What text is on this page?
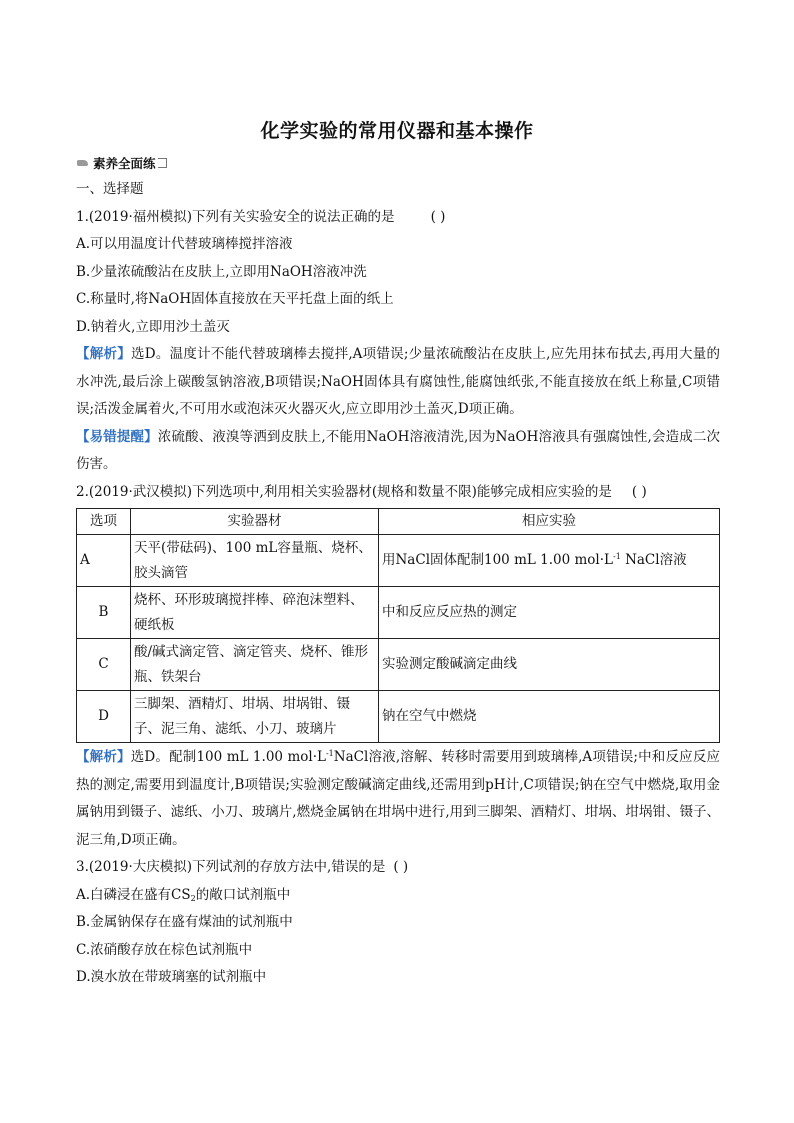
化学实验的常用仪器和基本操作
素养全面练
一、选择题
1.(2019·福州模拟)下列有关实验安全的说法正确的是	( )
A.可以用温度计代替玻璃棒搅拌溶液
B.少量浓硫酸沾在皮肤上,立即用NaOH溶液冲洗
C.称量时,将NaOH固体直接放在天平托盘上面的纸上
D.钠着火,立即用沙土盖灭
【解析】选D。温度计不能代替玻璃棒去搅拌,A项错误;少量浓硫酸沾在皮肤上,应先用抹布拭去,再用大量的水冲洗,最后涂上碳酸氢钠溶液,B项错误;NaOH固体具有腐蚀性,能腐蚀纸张,不能直接放在纸上称量,C项错误;活泼金属着火,不可用水或泡沫灭火器灭火,应立即用沙土盖灭,D项正确。
【易错提醒】浓硫酸、液溴等洒到皮肤上,不能用NaOH溶液清洗,因为NaOH溶液具有强腐蚀性,会造成二次伤害。
2.(2019·武汉模拟)下列选项中,利用相关实验器材(规格和数量不限)能够完成相应实验的是 ( )
选项	实验器材	相应实验
A	天平(带砝码)、100 mL容量瓶、烧杯、胶头滴管	用NaCl固体配制100 mL 1.00 $mol\cdot L^{-1}$ NaCl溶液
B	烧杯、环形玻璃搅拌棒、碎泡沫塑料、硬纸板	中和反应反应热的测定
C	酸/碱式滴定管、滴定管夹、烧杯、锥形瓶、铁架台	实验测定酸碱滴定曲线
D	三脚架、酒精灯、坩埚、坩埚钳、镊子、泥三角、滤纸、小刀、玻璃片	钠在空气中燃烧
【解析】选D。配制100 mL 1.00 $mol\cdot L^{-1}NaCl$溶液,溶解、转移时需要用到玻璃棒,A项错误;中和反应反应热的测定,需要用到温度计,B项错误;实验测定酸碱滴定曲线,还需用到pH计,C项错误;钠在空气中燃烧,取用金属钠用到镊子、滤纸、小刀、玻璃片,燃烧金属钠在坩埚中进行,用到三脚架、酒精灯、坩埚、坩埚钳、镊子、泥三角,D项正确。
3.(2019·大庆模拟)下列试剂的存放方法中,错误的是 ( )
A.白磷浸在盛有$CS_2$的敞口试剂瓶中
B.金属钠保存在盛有煤油的试剂瓶中
C.浓硝酸存放在棕色试剂瓶中
D.溴水放在带玻璃塞的试剂瓶中
